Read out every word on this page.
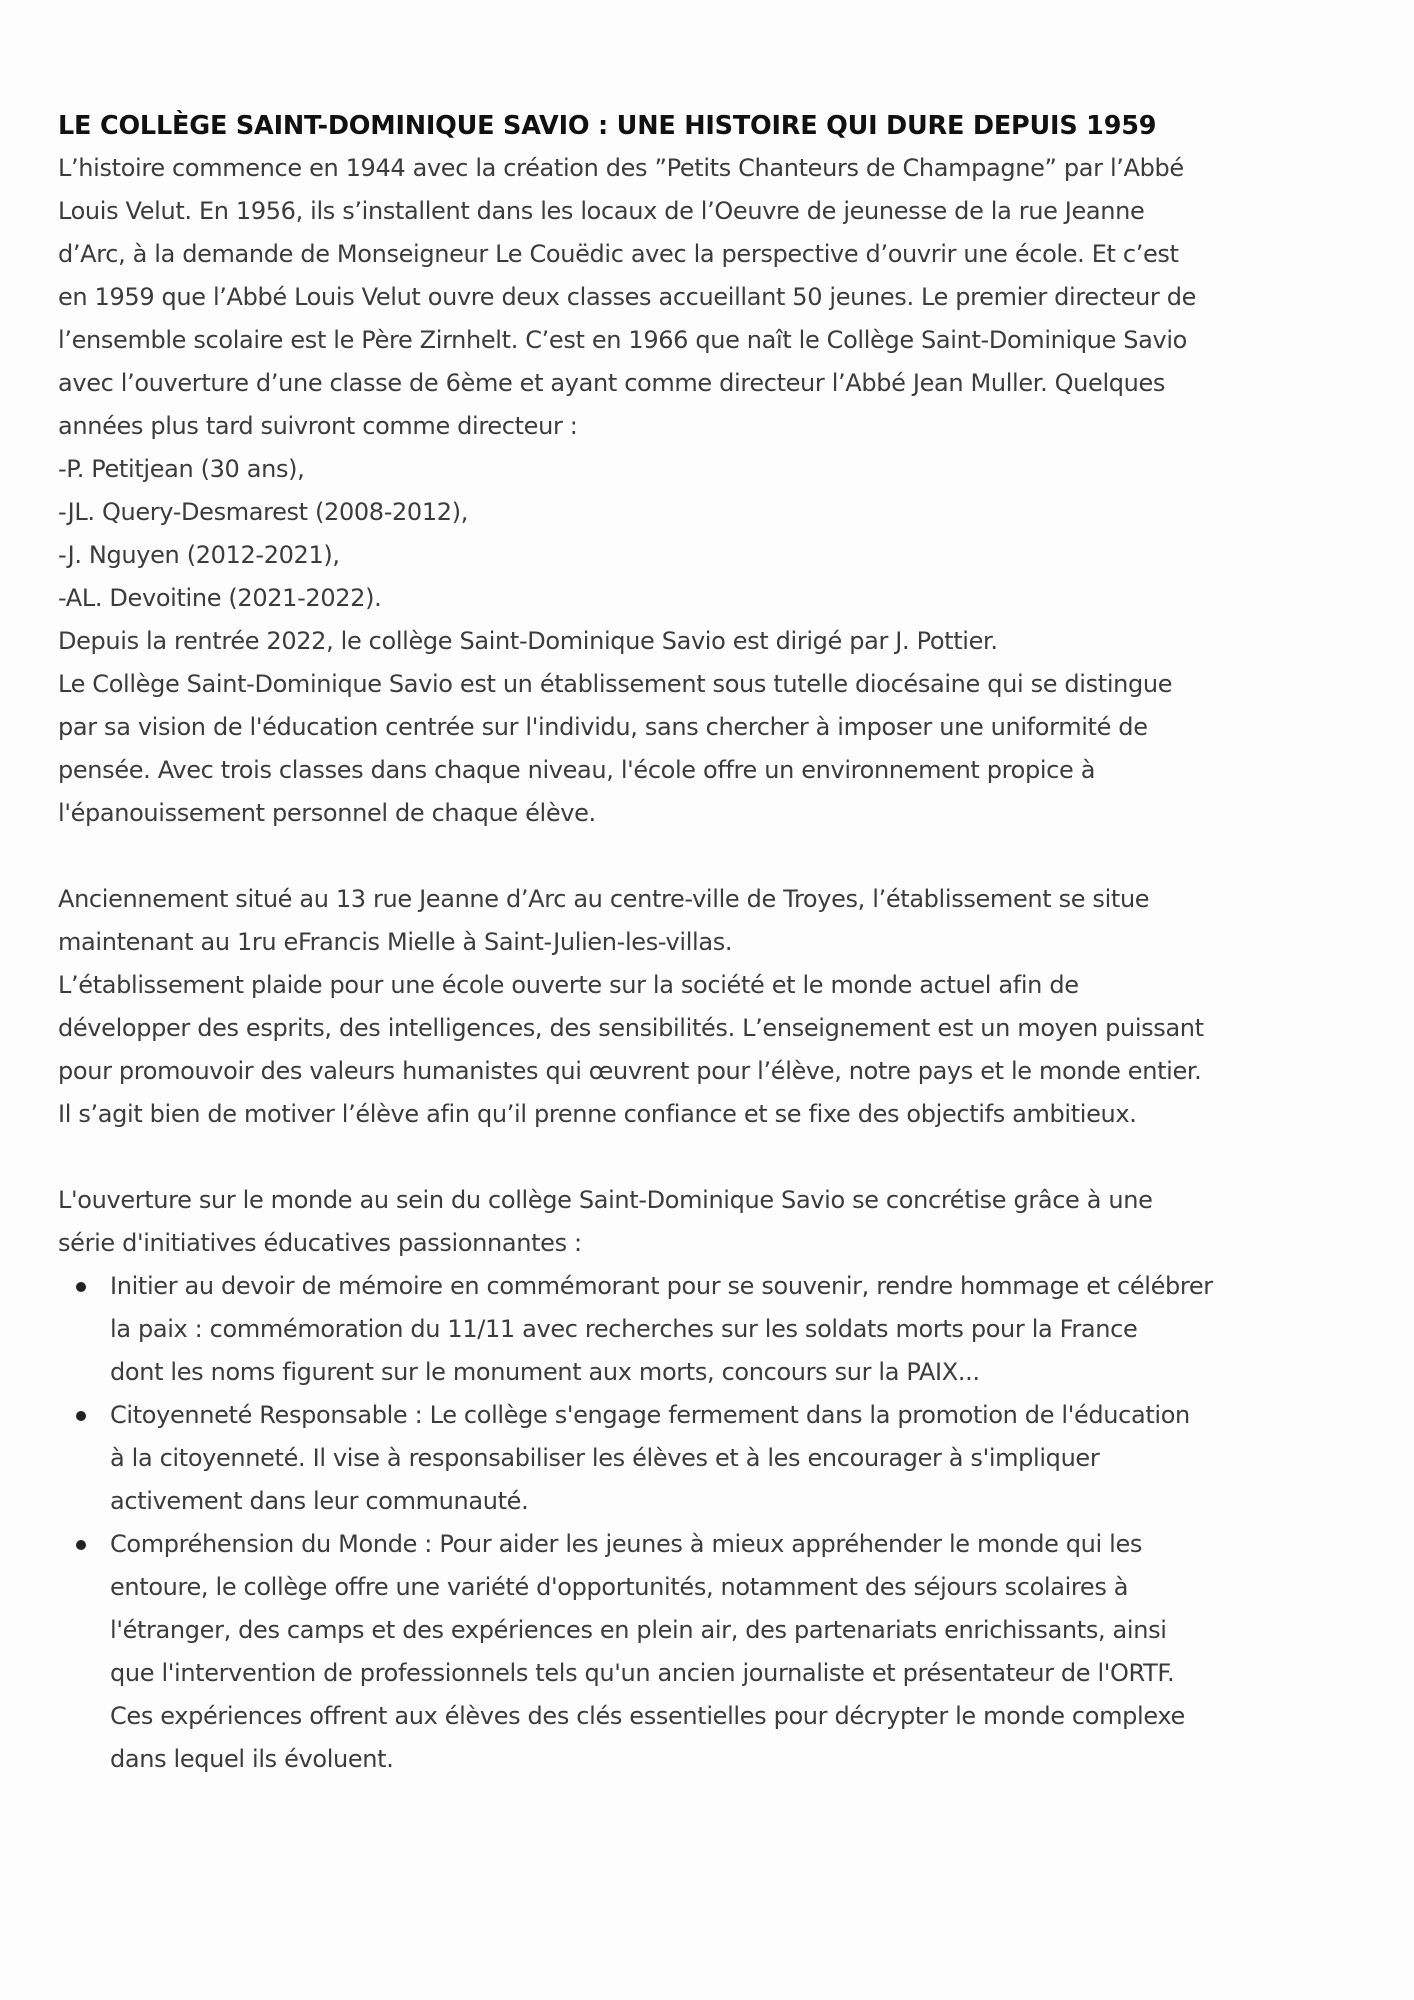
LE COLLÈGE SAINT-DOMINIQUE SAVIO : UNE HISTOIRE QUI DURE DEPUIS 1959
L’histoire commence en 1944 avec la création des ”Petits Chanteurs de Champagne” par l’Abbé
Louis Velut. En 1956, ils s’installent dans les locaux de l’Oeuvre de jeunesse de la rue Jeanne
d’Arc, à la demande de Monseigneur Le Couëdic avec la perspective d’ouvrir une école. Et c’est
en 1959 que l’Abbé Louis Velut ouvre deux classes accueillant 50 jeunes. Le premier directeur de
l’ensemble scolaire est le Père Zirnhelt. C’est en 1966 que naît le Collège Saint-Dominique Savio
avec l’ouverture d’une classe de 6ème et ayant comme directeur l’Abbé Jean Muller. Quelques
années plus tard suivront comme directeur :
-P. Petitjean (30 ans),
-JL. Query-Desmarest (2008-2012),
-J. Nguyen (2012-2021),
-AL. Devoitine (2021-2022).
Depuis la rentrée 2022, le collège Saint-Dominique Savio est dirigé par J. Pottier.
Le Collège Saint-Dominique Savio est un établissement sous tutelle diocésaine qui se distingue
par sa vision de l'éducation centrée sur l'individu, sans chercher à imposer une uniformité de
pensée. Avec trois classes dans chaque niveau, l'école offre un environnement propice à
l'épanouissement personnel de chaque élève.
Anciennement situé au 13 rue Jeanne d’Arc au centre-ville de Troyes, l’établissement se situe
maintenant au 1ru eFrancis Mielle à Saint-Julien-les-villas.
L’établissement plaide pour une école ouverte sur la société et le monde actuel afin de
développer des esprits, des intelligences, des sensibilités. L’enseignement est un moyen puissant
pour promouvoir des valeurs humanistes qui œuvrent pour l’élève, notre pays et le monde entier.
Il s’agit bien de motiver l’élève afin qu’il prenne confiance et se fixe des objectifs ambitieux.
L'ouverture sur le monde au sein du collège Saint-Dominique Savio se concrétise grâce à une
série d'initiatives éducatives passionnantes :
Initier au devoir de mémoire en commémorant pour se souvenir, rendre hommage et célébrer
la paix : commémoration du 11/11 avec recherches sur les soldats morts pour la France
dont les noms figurent sur le monument aux morts, concours sur la PAIX...
Citoyenneté Responsable : Le collège s'engage fermement dans la promotion de l'éducation
à la citoyenneté. Il vise à responsabiliser les élèves et à les encourager à s'impliquer
activement dans leur communauté.
Compréhension du Monde : Pour aider les jeunes à mieux appréhender le monde qui les
entoure, le collège offre une variété d'opportunités, notamment des séjours scolaires à
l'étranger, des camps et des expériences en plein air, des partenariats enrichissants, ainsi
que l'intervention de professionnels tels qu'un ancien journaliste et présentateur de l'ORTF.
Ces expériences offrent aux élèves des clés essentielles pour décrypter le monde complexe
dans lequel ils évoluent.
